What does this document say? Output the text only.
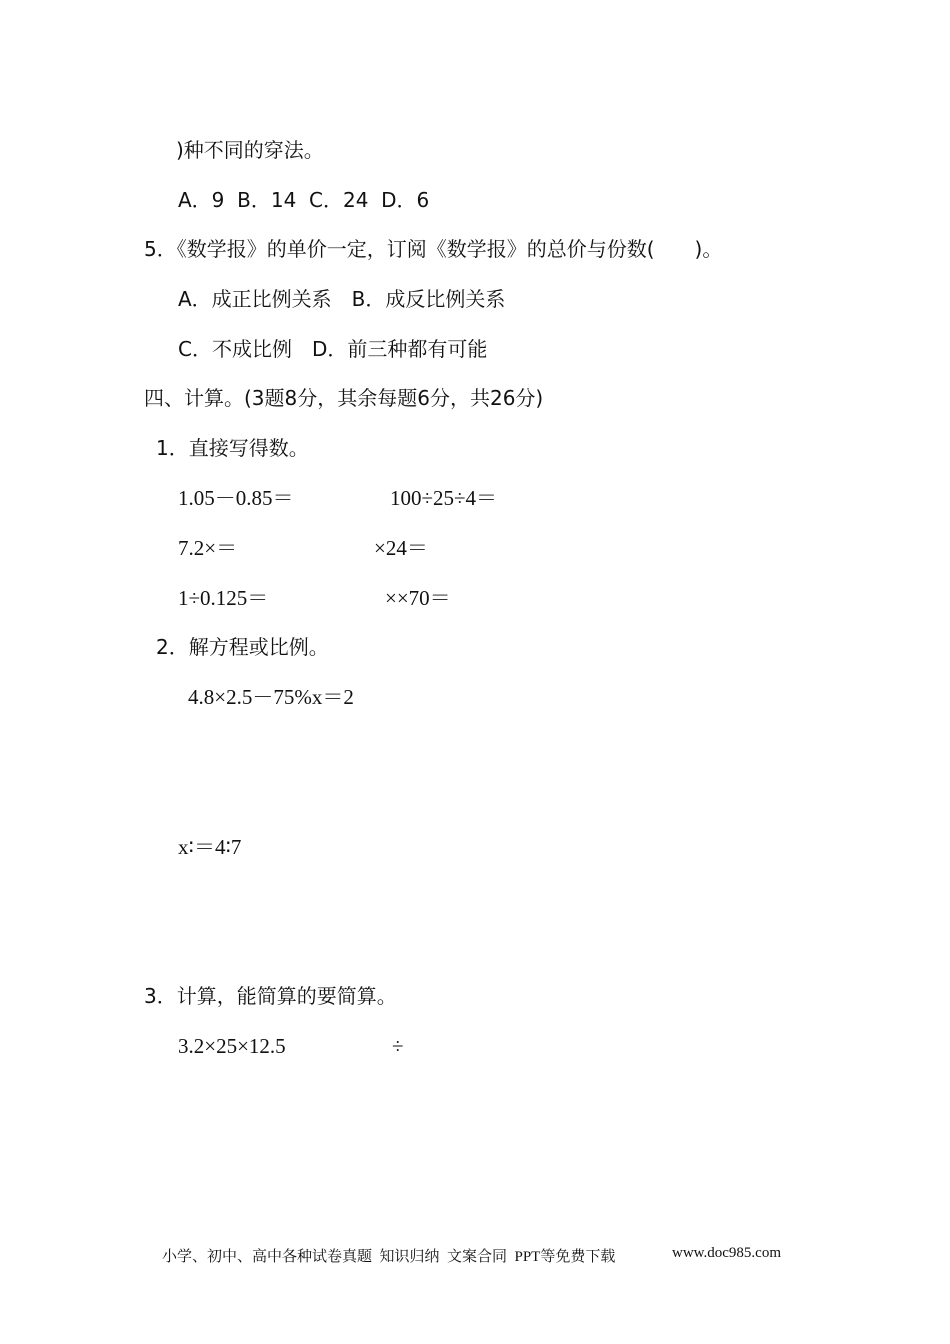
)种不同的穿法。
A．9  B．14  C．24  D．6
5．《数学报》的单价一定，订阅《数学报》的总价与份数(　　)。
A．成正比例关系　B．成反比例关系
C．不成比例　D．前三种都有可能
四、计算。(3题8分，其余每题6分，共26分)
1．直接写得数。
1.05－0.85＝	100÷25÷4＝
7.2×＝	×24＝
1÷0.125＝	××70＝
2．解方程或比例。
4.8×2.5－75%x＝2
x∶＝4∶7
3．计算，能简算的要简算。
3.2×25×12.5	÷
小学、初中、高中各种试卷真题  知识归纳  文案合同  PPT等免费下载	www.doc985.com
